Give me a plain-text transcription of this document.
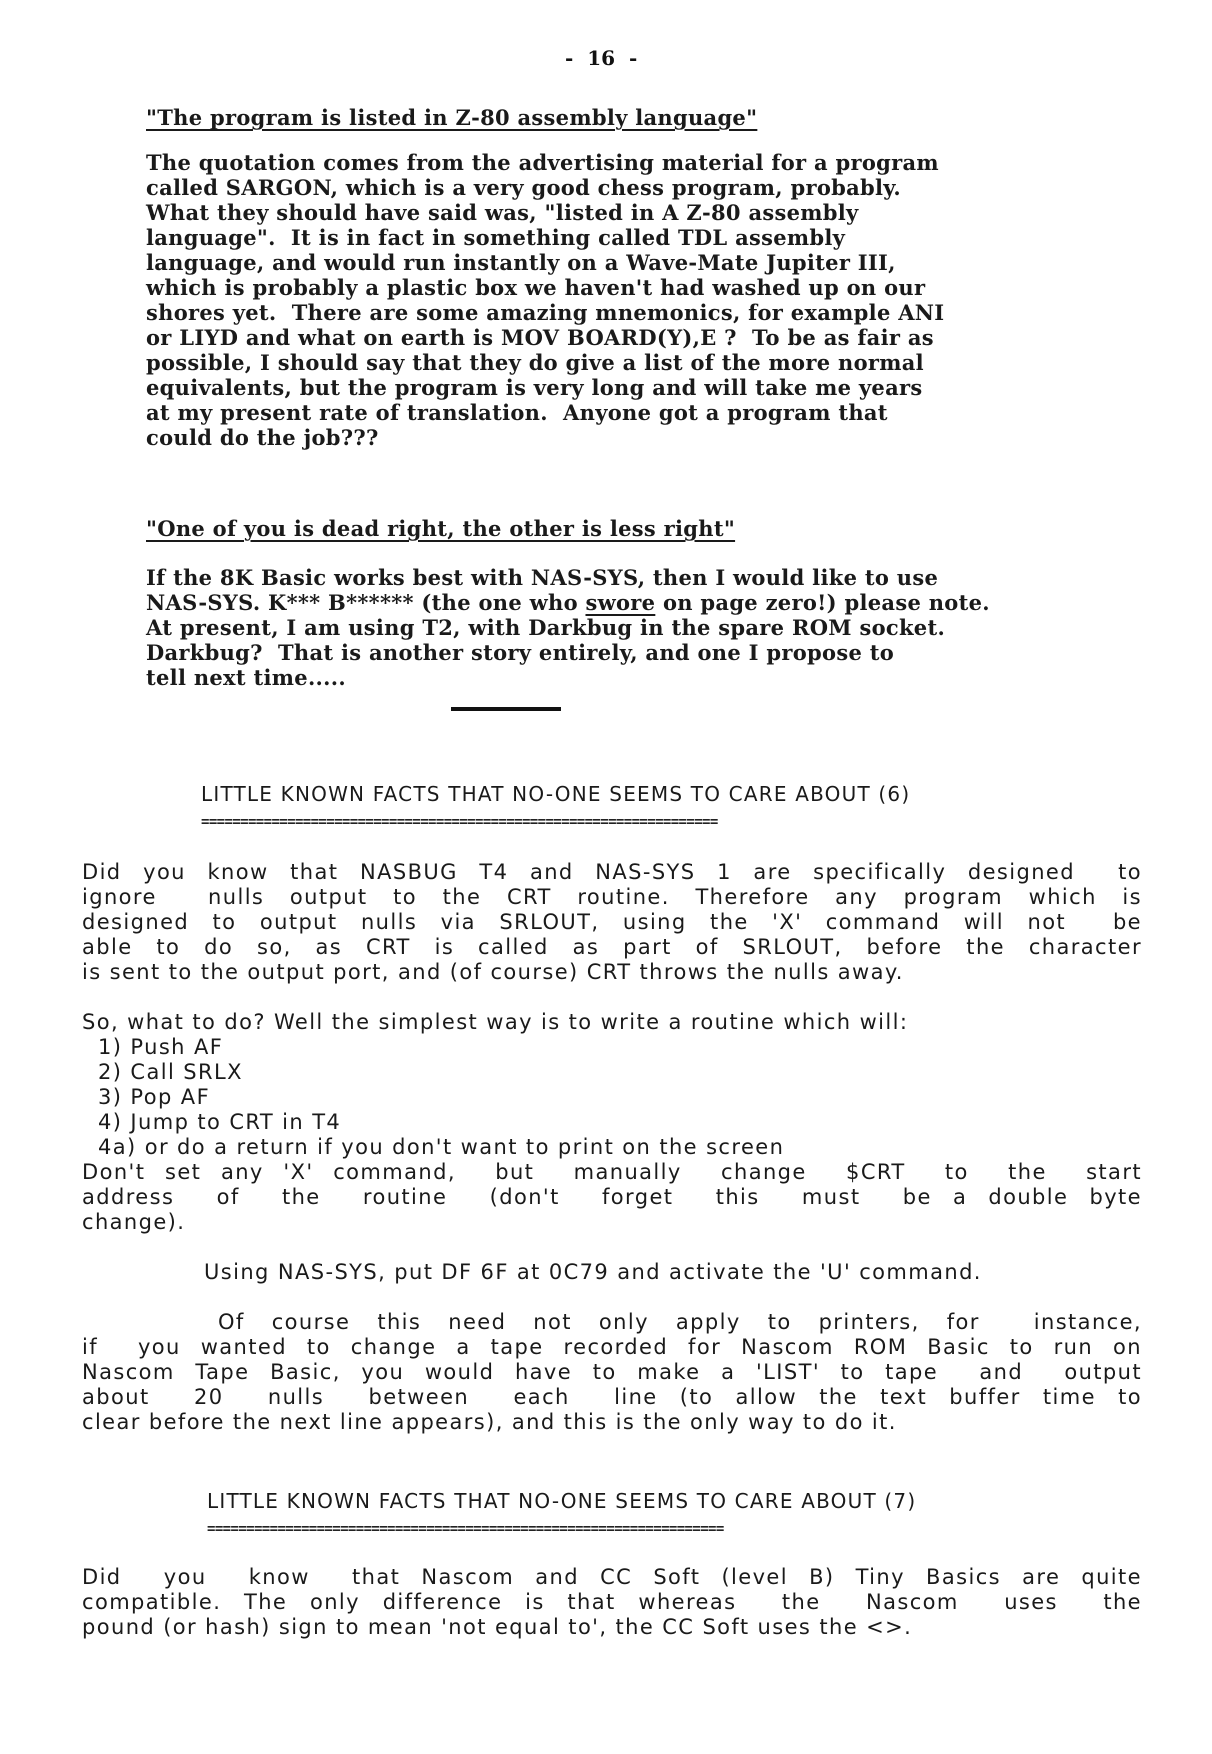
-  16  -
"The program is listed in Z-80 assembly language"
The quotation comes from the advertising material for a program
called SARGON, which is a very good chess program, probably.
What they should have said was, "listed in A Z-80 assembly
language".  It is in fact in something called TDL assembly
language, and would run instantly on a Wave-Mate Jupiter III,
which is probably a plastic box we haven't had washed up on our
shores yet.  There are some amazing mnemonics, for example ANI
or LIYD and what on earth is MOV BOARD(Y),E ?  To be as fair as
possible, I should say that they do give a list of the more normal
equivalents, but the program is very long and will take me years
at my present rate of translation.  Anyone got a program that
could do the job???
"One of you is dead right, the other is less right"
If the 8K Basic works best with NAS-SYS, then I would like to use
NAS-SYS. K*** B****** (the one who swore on page zero!) please note.
At present, I am using T2, with Darkbug in the spare ROM socket.
Darkbug?  That is another story entirely, and one I propose to
tell next time.....
LITTLE KNOWN FACTS THAT NO-ONE SEEMS TO CARE ABOUT (6)
==================================================================
Did you know that NASBUG T4 and NAS-SYS 1 are specifically designed  to
ignore  nulls output to the CRT routine. Therefore any program which is
designed to output nulls via SRLOUT, using the 'X' command will not  be
able to do so, as CRT is called as part of SRLOUT, before the character
is sent to the output port, and (of course) CRT throws the nulls away.
So, what to do? Well the simplest way is to write a routine which will:
1) Push AF
2) Call SRLX
3) Pop AF
4) Jump to CRT in T4
4a) or do a return if you don't want to print on the screen
Don't set any 'X' command,  but  manually  change  $CRT  to  the  start
address  of  the  routine  (don't  forget  this  must  be a double byte
change).
Using NAS-SYS, put DF 6F at 0C79 and activate the 'U' command.
Of course this need not only apply to printers, for  instance,
if  you wanted to change a tape recorded for Nascom ROM Basic to run on
Nascom Tape Basic, you would have to make a 'LIST' to tape  and  output
about  20  nulls  between  each  line (to allow the text buffer time to
clear before the next line appears), and this is the only way to do it.
LITTLE KNOWN FACTS THAT NO-ONE SEEMS TO CARE ABOUT (7)
==================================================================
Did  you  know  that Nascom and CC Soft (level B) Tiny Basics are quite
compatible. The only difference is that whereas  the  Nascom  uses  the
pound (or hash) sign to mean 'not equal to', the CC Soft uses the <>.
